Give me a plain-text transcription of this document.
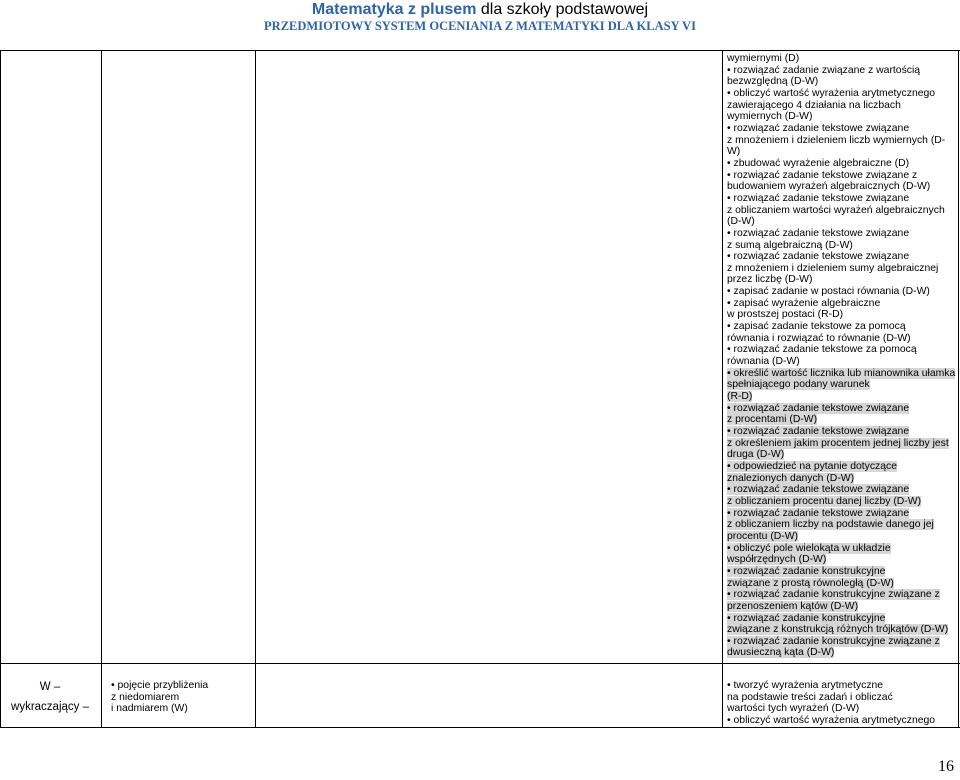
Matematyka z plusem dla szkoły podstawowej
PRZEDMIOTOWY SYSTEM OCENIANIA Z MATEMATYKI DLA KLASY VI
wymiernymi (D)
• rozwiązać zadanie związane z wartością
bezwzględną (D-W)
• obliczyć wartość wyrażenia arytmetycznego
zawierającego 4 działania na liczbach
wymiernych (D-W)
• rozwiązać zadanie tekstowe związane
z mnożeniem i dzieleniem liczb wymiernych (D-
W)
• zbudować wyrażenie algebraiczne (D)
• rozwiązać zadanie tekstowe związane z
budowaniem wyrażeń algebraicznych (D-W)
• rozwiązać zadanie tekstowe związane
z obliczaniem wartości wyrażeń algebraicznych
(D-W)
• rozwiązać zadanie tekstowe związane
z sumą algebraiczną (D-W)
• rozwiązać zadanie tekstowe związane
z mnożeniem i dzieleniem sumy algebraicznej
przez liczbę (D-W)
• zapisać zadanie w postaci równania (D-W)
• zapisać wyrażenie algebraiczne
w prostszej postaci (R-D)
• zapisać zadanie tekstowe za pomocą
równania i rozwiązać to równanie (D-W)
• rozwiązać zadanie tekstowe za pomocą
równania (D-W)
• określić wartość licznika lub mianownika ułamka
spełniającego podany warunek
(R-D)
• rozwiązać zadanie tekstowe związane
z procentami (D-W)
• rozwiązać zadanie tekstowe związane
z określeniem jakim procentem jednej liczby jest
druga (D-W)
• odpowiedzieć na pytanie dotyczące
znalezionych danych (D-W)
• rozwiązać zadanie tekstowe związane
z obliczaniem procentu danej liczby (D-W)
• rozwiązać zadanie tekstowe związane
z obliczaniem liczby na podstawie danego jej
procentu (D-W)
• obliczyć pole wielokąta w układzie
współrzędnych (D-W)
• rozwiązać zadanie konstrukcyjne
związane z prostą równoległą (D-W)
• rozwiązać zadanie konstrukcyjne związane z
przenoszeniem kątów (D-W)
• rozwiązać zadanie konstrukcyjne
związane z konstrukcją różnych trójkątów (D-W)
• rozwiązać zadanie konstrukcyjne związane z
dwusieczną kąta (D-W)
W –
wykraczający –
• pojęcie przybliżenia
z niedomiarem
i nadmiarem (W)
• tworzyć wyrażenia arytmetyczne
na podstawie treści zadań i obliczać
wartości tych wyrażeń (D-W)
• obliczyć wartość wyrażenia arytmetycznego
16
